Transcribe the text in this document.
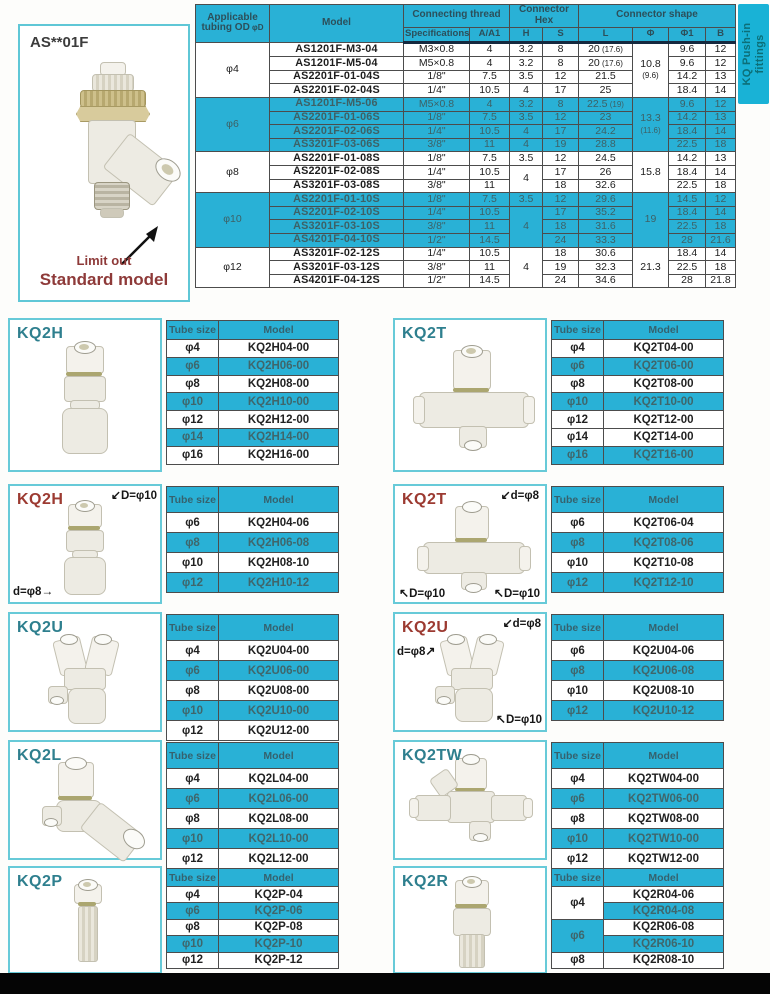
AS**01F
Limit out
Standard model
Applicable tubing OD φD	Model	Connecting thread		Connector Hex		Connector shape			
		Specifications	A/A1	H	S	L	Φ	Φ1	B
φ4	AS1201F-M3-04	M3×0.8	4	3.2	8	20 (17.6)	10.8 (9.6)	9.6	12
	AS1201F-M5-04	M5×0.8	4	3.2	8	20 (17.6)		9.6	12
	AS2201F-01-04S	1/8"	7.5	3.5	12	21.5		14.2	13
	AS2201F-02-04S	1/4"	10.5	4	17	25		18.4	14
φ6	AS1201F-M5-06	M5×0.8	4	3.2	8	22.5 (19)	13.3 (11.6)	9.6	12
	AS2201F-01-06S	1/8"	7.5	3.5	12	23		14.2	13
	AS2201F-02-06S	1/4"	10.5	4	17	24.2		18.4	14
	AS3201F-03-06S	3/8"	11	4	19	28.8		22.5	18
φ8	AS2201F-01-08S	1/8"	7.5	3.5	12	24.5	15.8	14.2	13
	AS2201F-02-08S	1/4"	10.5	4	17	26		18.4	14
	AS3201F-03-08S	3/8"	11		18	32.6		22.5	18
φ10	AS2201F-01-10S	1/8"	7.5	3.5	12	29.6	19	14.5	12
	AS2201F-02-10S	1/4"	10.5	4	17	35.2		18.4	14
	AS3201F-03-10S	3/8"	11		18	31.6		22.5	18
	AS4201F-04-10S	1/2"	14.5		24	33.3		28	21.6
φ12	AS3201F-02-12S	1/4"	10.5	4	18	30.6	21.3	18.4	14
	AS3201F-03-12S	3/8"	11		19	32.3		22.5	18
	AS4201F-04-12S	1/2"	14.5		24	34.6		28	21.8
KQ Push-in fittings
KQ2H	Tube size	Model
φ4	KQ2H04-00
φ6	KQ2H06-00
φ8	KQ2H08-00
φ10	KQ2H10-00
φ12	KQ2H12-00
φ14	KQ2H14-00
φ16	KQ2H16-00
KQ2T	Tube size	Model
φ4	KQ2T04-00
φ6	KQ2T06-00
φ8	KQ2T08-00
φ10	KQ2T10-00
φ12	KQ2T12-00
φ14	KQ2T14-00
φ16	KQ2T16-00
KQ2H	↙D=φ10
d=φ8→
Tube size	Model
φ6	KQ2H04-06
φ8	KQ2H06-08
φ10	KQ2H08-10
φ12	KQ2H10-12
KQ2T	↙d=φ8
↖D=φ10	↖D=φ10
Tube size	Model
φ6	KQ2T06-04
φ8	KQ2T08-06
φ10	KQ2T10-08
φ12	KQ2T12-10
KQ2U	Tube size	Model
φ4	KQ2U04-00
φ6	KQ2U06-00
φ8	KQ2U08-00
φ10	KQ2U10-00
φ12	KQ2U12-00
KQ2U	↙d=φ8
d=φ8↗
↖D=φ10
Tube size	Model
φ6	KQ2U04-06
φ8	KQ2U06-08
φ10	KQ2U08-10
φ12	KQ2U10-12
KQ2L	Tube size	Model
φ4	KQ2L04-00
φ6	KQ2L06-00
φ8	KQ2L08-00
φ10	KQ2L10-00
φ12	KQ2L12-00
KQ2TW	Tube size	Model
φ4	KQ2TW04-00
φ6	KQ2TW06-00
φ8	KQ2TW08-00
φ10	KQ2TW10-00
φ12	KQ2TW12-00
KQ2P	Tube size	Model
φ4	KQ2P-04
φ6	KQ2P-06
φ8	KQ2P-08
φ10	KQ2P-10
φ12	KQ2P-12
KQ2R	Tube size	Model
φ4	KQ2R04-06
	KQ2R04-08
φ6	KQ2R06-08
	KQ2R06-10
φ8	KQ2R08-10
